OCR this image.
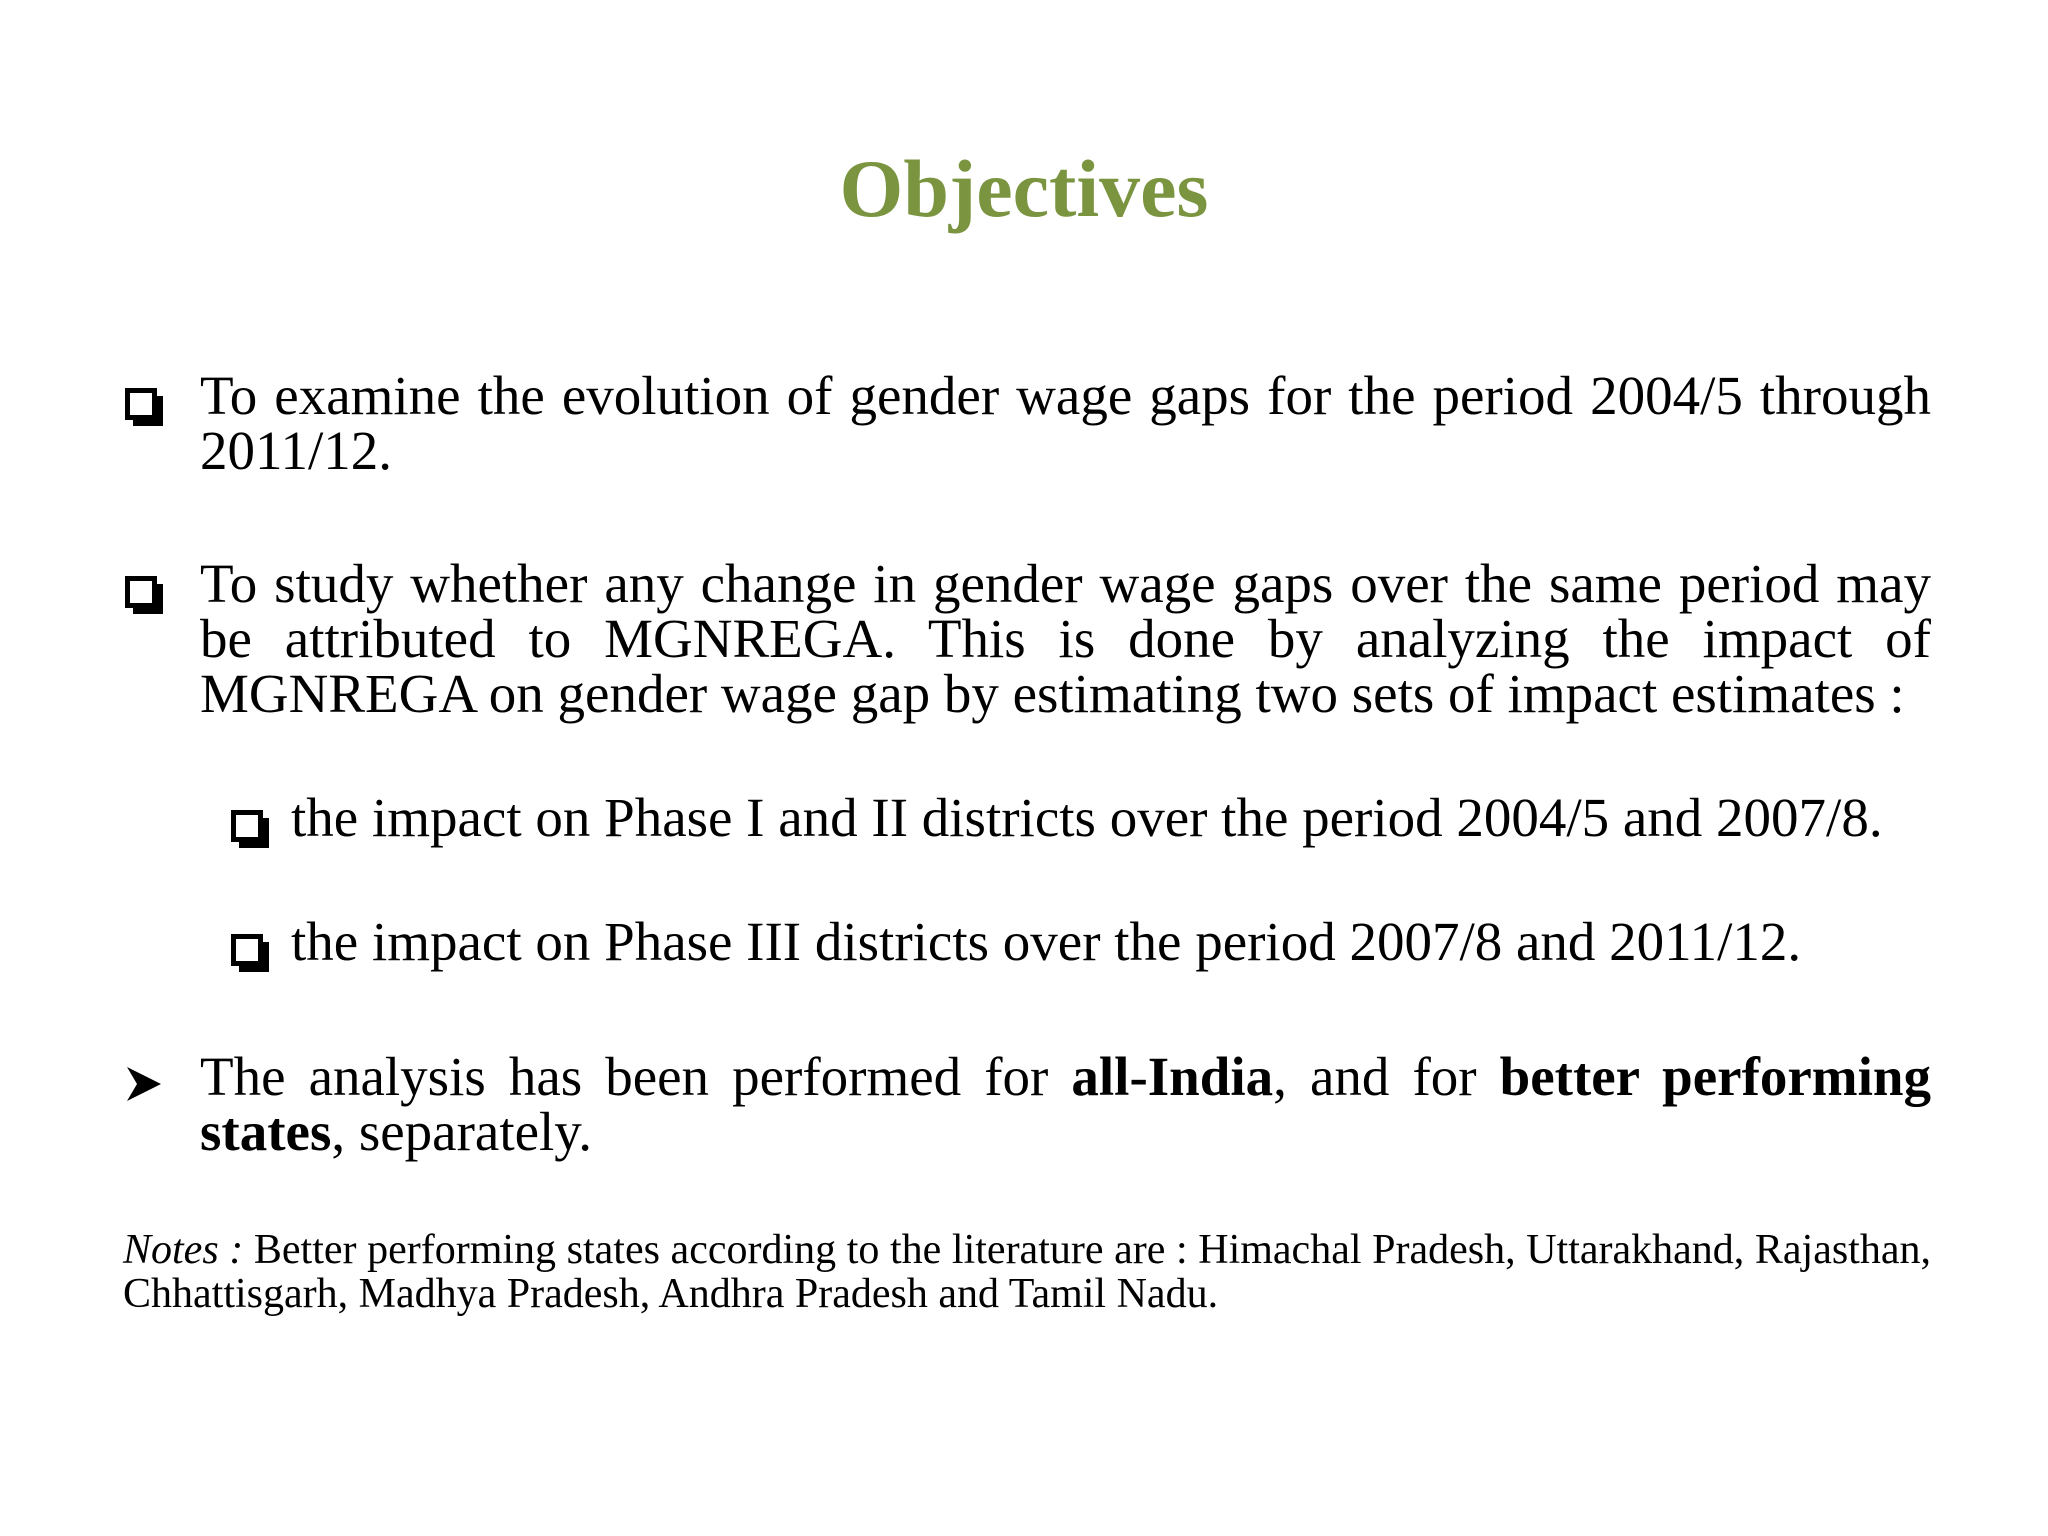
Objectives
To examine the evolution of gender wage gaps for the period 2004/5 through 2011/12.
To study whether any change in gender wage gaps over the same period may be attributed to MGNREGA. This is done by analyzing the impact of MGNREGA on gender wage gap by estimating two sets of impact estimates :
the impact on Phase I and II districts over the period 2004/5 and 2007/8.
the impact on Phase III districts over the period 2007/8 and 2011/12.
The analysis has been performed for all-India, and for better performing states, separately.
Notes : Better performing states according to the literature are : Himachal Pradesh, Uttarakhand, Rajasthan, Chhattisgarh, Madhya Pradesh, Andhra Pradesh and Tamil Nadu.
